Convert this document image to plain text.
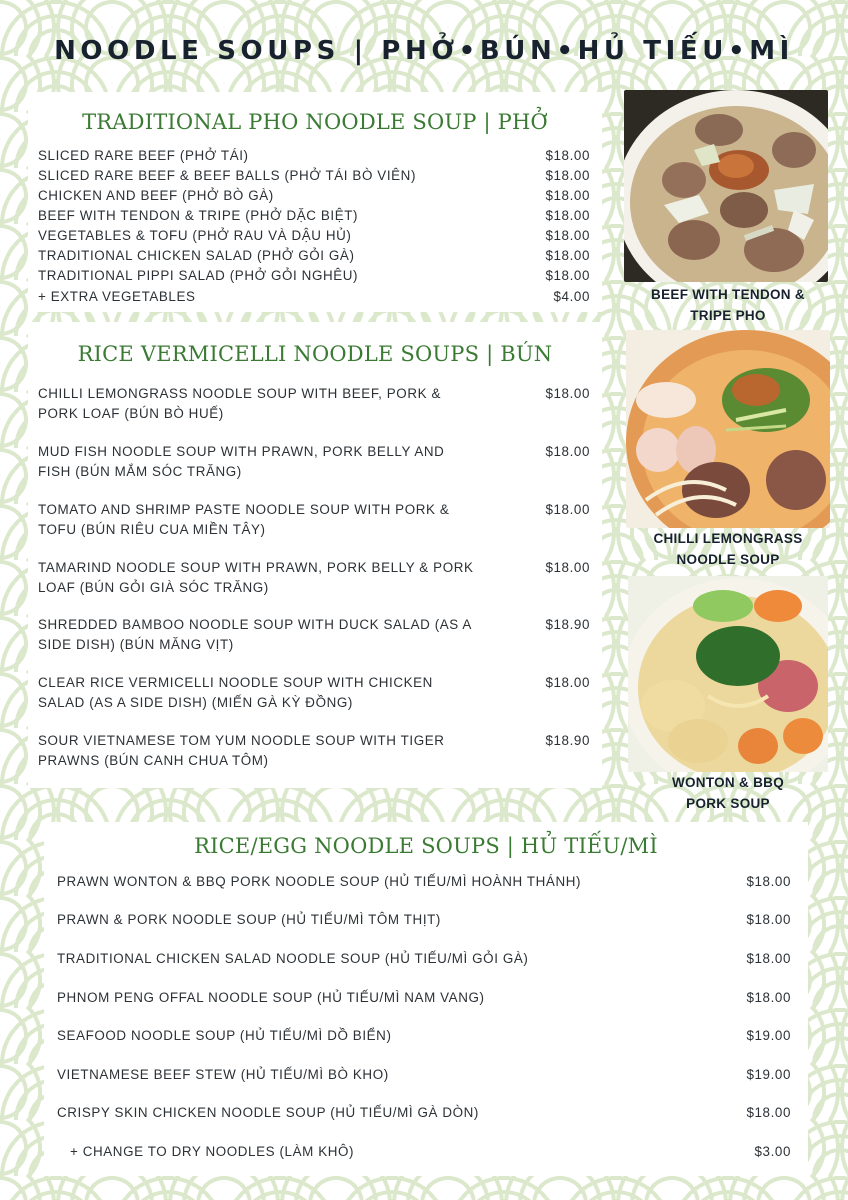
NOODLE SOUPS | PHỞ•BÚN•HỦ TIẾU•MÌ
TRADITIONAL PHO NOODLE SOUP | PHỞ
SLICED RARE BEEF (PHỞ TÁI)	$18.00
SLICED RARE BEEF & BEEF BALLS (PHỞ TÁI BÒ VIÊN)	$18.00
CHICKEN AND BEEF (PHỞ BÒ GÀ)	$18.00
BEEF WITH TENDON & TRIPE (PHỞ DẶC BIỆT)	$18.00
VEGETABLES & TOFU (PHỞ RAU VÀ DẬU HỦ)	$18.00
TRADITIONAL CHICKEN SALAD (PHỞ GỎI GÀ)	$18.00
TRADITIONAL PIPPI SALAD (PHỞ GỎI NGHÊU)	$18.00
+ EXTRA VEGETABLES	$4.00
RICE VERMICELLI NOODLE SOUPS | BÚN
CHILLI LEMONGRASS NOODLE SOUP WITH BEEF, PORK & PORK LOAF (BÚN BÒ HUẾ)
$18.00
MUD FISH NOODLE SOUP WITH PRAWN, PORK BELLY AND FISH (BÚN MẮM SÓC TRĂNG)
$18.00
TOMATO AND SHRIMP PASTE NOODLE SOUP WITH PORK & TOFU (BÚN RIÊU CUA MIỀN TÂY)
$18.00
TAMARIND NOODLE SOUP WITH PRAWN, PORK BELLY & PORK LOAF (BÚN GỎI GIÀ SÓC TRĂNG)
$18.00
SHREDDED BAMBOO NOODLE SOUP WITH DUCK SALAD (AS A SIDE DISH) (BÚN MĂNG VỊT)
$18.90
CLEAR RICE VERMICELLI NOODLE SOUP WITH CHICKEN SALAD (AS A SIDE DISH) (MIẾN GÀ KỲ ĐỒNG)
$18.00
SOUR VIETNAMESE TOM YUM NOODLE SOUP WITH TIGER PRAWNS (BÚN CANH CHUA TÔM)
$18.90
RICE/EGG NOODLE SOUPS | HỦ TIẾU/MÌ
PRAWN WONTON & BBQ PORK NOODLE SOUP (HỦ TIẾU/MÌ HOÀNH THÁNH)	$18.00
PRAWN & PORK NOODLE SOUP (HỦ TIẾU/MÌ TÔM THỊT)	$18.00
TRADITIONAL CHICKEN SALAD NOODLE SOUP (HỦ TIẾU/MÌ GỎI GÀ)	$18.00
PHNOM PENG OFFAL NOODLE SOUP (HỦ TIẾU/MÌ NAM VANG)	$18.00
SEAFOOD NOODLE SOUP (HỦ TIẾU/MÌ DỒ BIỂN)	$19.00
VIETNAMESE BEEF STEW (HỦ TIẾU/MÌ BÒ KHO)	$19.00
CRISPY SKIN CHICKEN NOODLE SOUP (HỦ TIẾU/MÌ GÀ DÒN)	$18.00
+ CHANGE TO DRY NOODLES (LÀM KHÔ)	$3.00
BEEF WITH TENDON &
TRIPE PHO
CHILLI LEMONGRASS
NOODLE SOUP
WONTON & BBQ
PORK SOUP
